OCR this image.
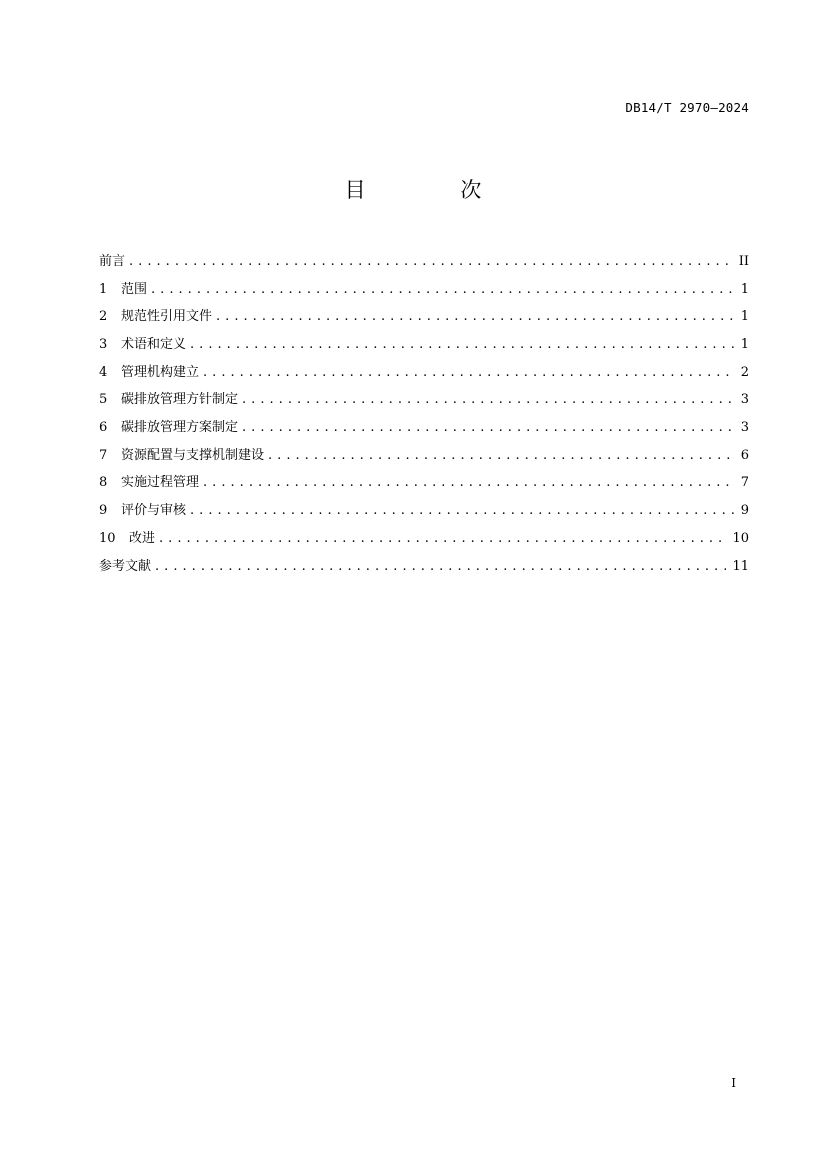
DB14/T 2970—2024
目 次
前言 . . .	II
1	范围 . . .	1
2	规范性引用文件 . . .	1
3	术语和定义 . . .	1
4	管理机构建立 . . .	2
5	碳排放管理方针制定 . . .	3
6	碳排放管理方案制定 . . .	3
7	资源配置与支撑机制建设 . . .	6
8	实施过程管理 . . .	7
9	评价与审核 . . .	9
10	改进 . . .	10
参考文献 . . .	11
I
